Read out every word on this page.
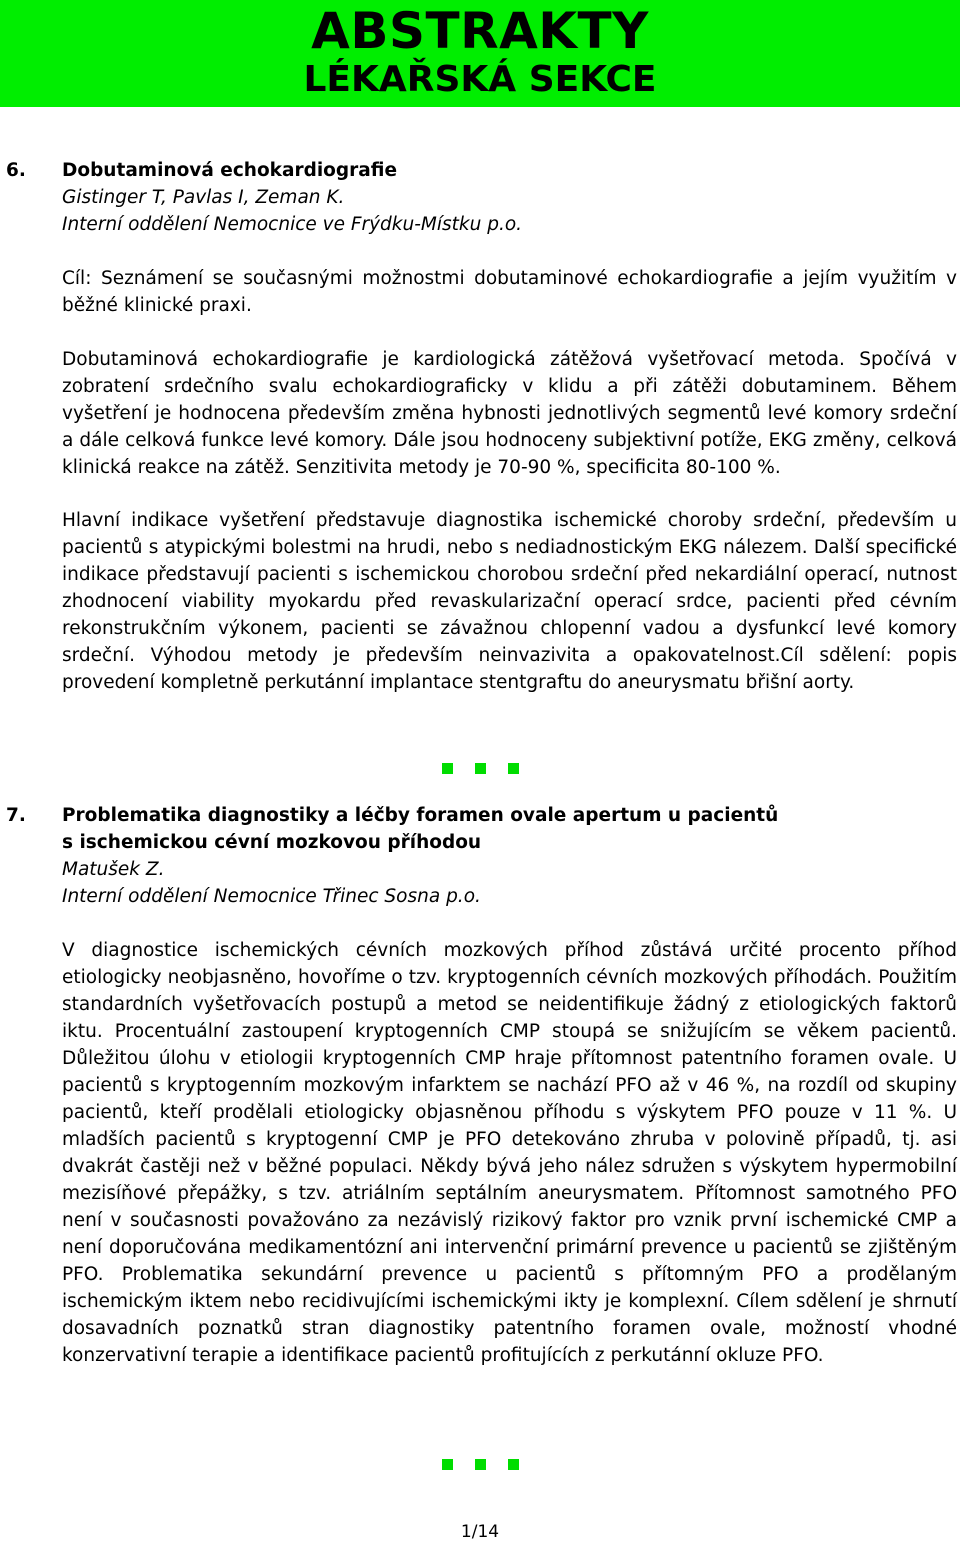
ABSTRAKTY
LÉKAŘSKÁ SEKCE
6. Dobutaminová echokardiografie
Gistinger T, Pavlas I, Zeman K.
Interní oddělení Nemocnice ve Frýdku-Místku p.o.

Cíl: Seznámení se současnými možnostmi dobutaminové echokardiografie a jejím využitím v běžné klinické praxi.

Dobutaminová echokardiografie je kardiologická zátěžová vyšetřovací metoda. Spočívá v zobratení srdečního svalu echokardiograficky v klidu a při zátěži dobutaminem. Během vyšetření je hodnocena především změna hybnosti jednotlivých segmentů levé komory srdeční a dále celková funkce levé komory. Dále jsou hodnoceny subjektivní potíže, EKG změny, celková klinická reakce na zátěž. Senzitivita metody je 70-90 %, specificita 80-100 %.

Hlavní indikace vyšetření představuje diagnostika ischemické choroby srdeční, především u pacientů s atypickými bolestmi na hrudi, nebo s nediadnostickým EKG nálezem. Další specifické indikace představují pacienti s ischemickou chorobou srdeční před nekardiální operací, nutnost zhodnocení viability myokardu před revaskularizační operací srdce, pacienti před cévním rekonstrukčním výkonem, pacienti se závažnou chlopenní vadou a dysfunkcí levé komory srdeční. Výhodou metody je především neinvazivita a opakovatelnost.Cíl sdělení: popis provedení kompletně perkutánní implantace stentgraftu do aneurysmatu břišní aorty.

7. Problematika diagnostiky a léčby foramen ovale apertum u pacientů
s ischemickou cévní mozkovou příhodou
Matušek Z.
Interní oddělení Nemocnice Třinec Sosna p.o.

V diagnostice ischemických cévních mozkových příhod zůstává určité procento příhod etiologicky neobjasněno, hovoříme o tzv. kryptogenních cévních mozkových příhodách. Použitím standardních vyšetřovacích postupů a metod se neidentifikuje žádný z etiologických faktorů iktu. Procentuální zastoupení kryptogenních CMP stoupá se snižujícím se věkem pacientů. Důležitou úlohu v etiologii kryptogenních CMP hraje přítomnost patentního foramen ovale. U pacientů s kryptogenním mozkovým infarktem se nachází PFO až v 46 %, na rozdíl od skupiny pacientů, kteří prodělali etiologicky objasněnou příhodu s výskytem PFO pouze v 11 %. U mladších pacientů s kryptogenní CMP je PFO detekováno zhruba v polovině případů, tj. asi dvakrát častěji než v běžné populaci. Někdy bývá jeho nález sdružen s výskytem hypermobilní mezisíňové přepážky, s tzv. atriálním septálním aneurysmatem. Přítomnost samotného PFO není v současnosti považováno za nezávislý rizikový faktor pro vznik první ischemické CMP a není doporučována medikamentózní ani intervenční primární prevence u pacientů se zjištěným PFO. Problematika sekundární prevence u pacientů s přítomným PFO a prodělaným ischemickým iktem nebo recidivujícími ischemickými ikty je komplexní. Cílem sdělení je shrnutí dosavadních poznatků stran diagnostiky patentního foramen ovale, možností vhodné konzervativní terapie a identifikace pacientů profitujících z perkutánní okluze PFO.

1/14
